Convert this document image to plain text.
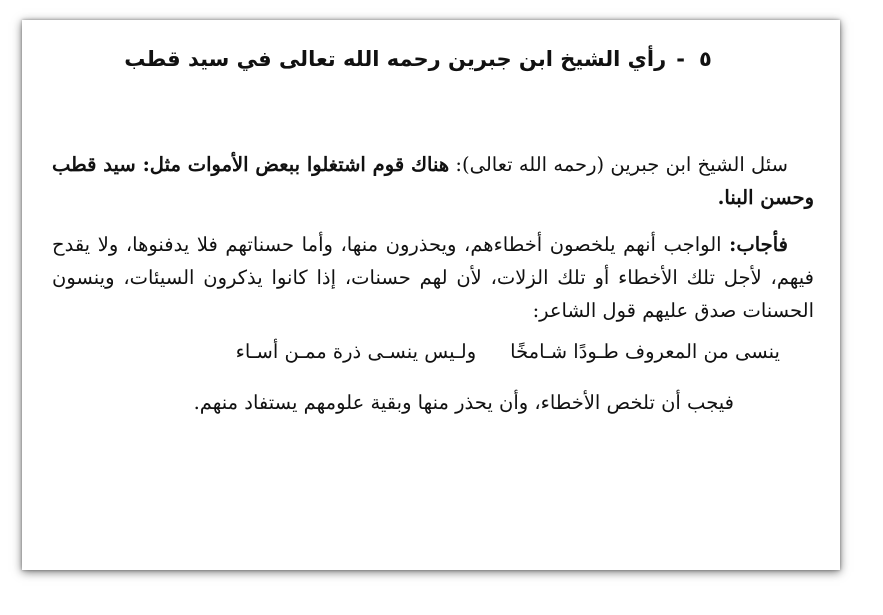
٥-رأي الشيخ ابن جبرين رحمه الله تعالى في سيد قطب

سئل الشيخ ابن جبرين (رحمه الله تعالى): هناك قوم اشتغلوا ببعض الأموات مثل: سيد قطب وحسن البنا.

فأجاب: الواجب أنهم يلخصون أخطاءهم، ويحذرون منها، وأما حسناتهم فلا يدفنوها، ولا يقدح فيهم، لأجل تلك الأخطاء أو تلك الزلات، لأن لهم حسنات، إذا كانوا يذكرون السيئات، وينسون الحسنات صدق عليهم قول الشاعر:

ينسى من المعروف طـودًا شـامخًا
ولـيس ينسـى ذرة ممـن أسـاء

فيجب أن تلخص الأخطاء، وأن يحذر منها وبقية علومهم يستفاد منهم.
